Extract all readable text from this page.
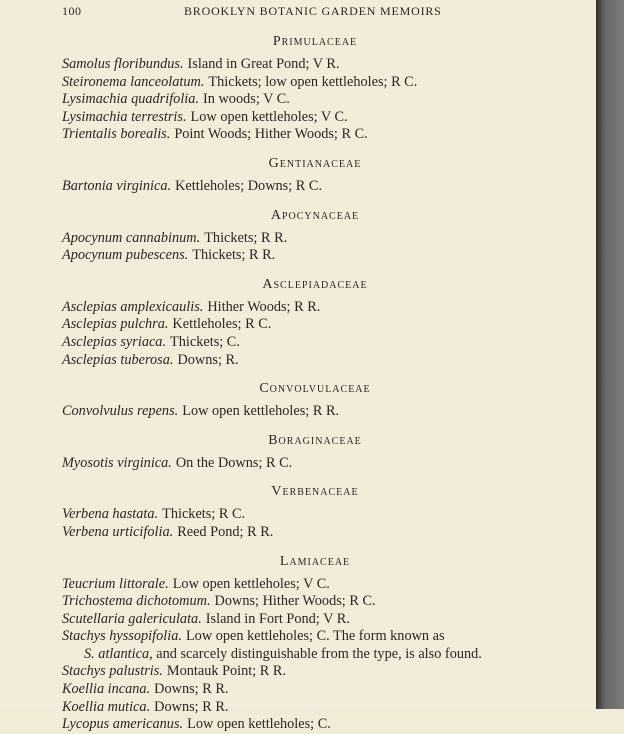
100	BROOKLYN BOTANIC GARDEN MEMOIRS
Primulaceae

Samolus floribundus. Island in Great Pond; V R.

Steironema lanceolatum. Thickets; low open kettleholes; R C.

Lysimachia quadrifolia. In woods; V C.

Lysimachia terrestris. Low open kettleholes; V C.

Trientalis borealis. Point Woods; Hither Woods; R C.

Gentianaceae

Bartonia virginica. Kettleholes; Downs; R C.

Apocynaceae

Apocynum cannabinum. Thickets; R R.

Apocynum pubescens. Thickets; R R.

Asclepiadaceae

Asclepias amplexicaulis. Hither Woods; R R.

Asclepias pulchra. Kettleholes; R C.

Asclepias syriaca. Thickets; C.

Asclepias tuberosa. Downs; R.

Convolvulaceae

Convolvulus repens. Low open kettleholes; R R.

Boraginaceae

Myosotis virginica. On the Downs; R C.

Verbenaceae

Verbena hastata. Thickets; R C.

Verbena urticifolia. Reed Pond; R R.

Lamiaceae

Teucrium littorale. Low open kettleholes; V C.

Trichostema dichotomum. Downs; Hither Woods; R C.

Scutellaria galericulata. Island in Fort Pond; V R.

Stachys hyssopifolia. Low open kettleholes; C. The form known as
S. atlantica, and scarcely distinguishable from the type, is also found.

Stachys palustris. Montauk Point; R R.

Koellia incana. Downs; R R.

Koellia mutica. Downs; R R.

Lycopus americanus. Low open kettleholes; C.
